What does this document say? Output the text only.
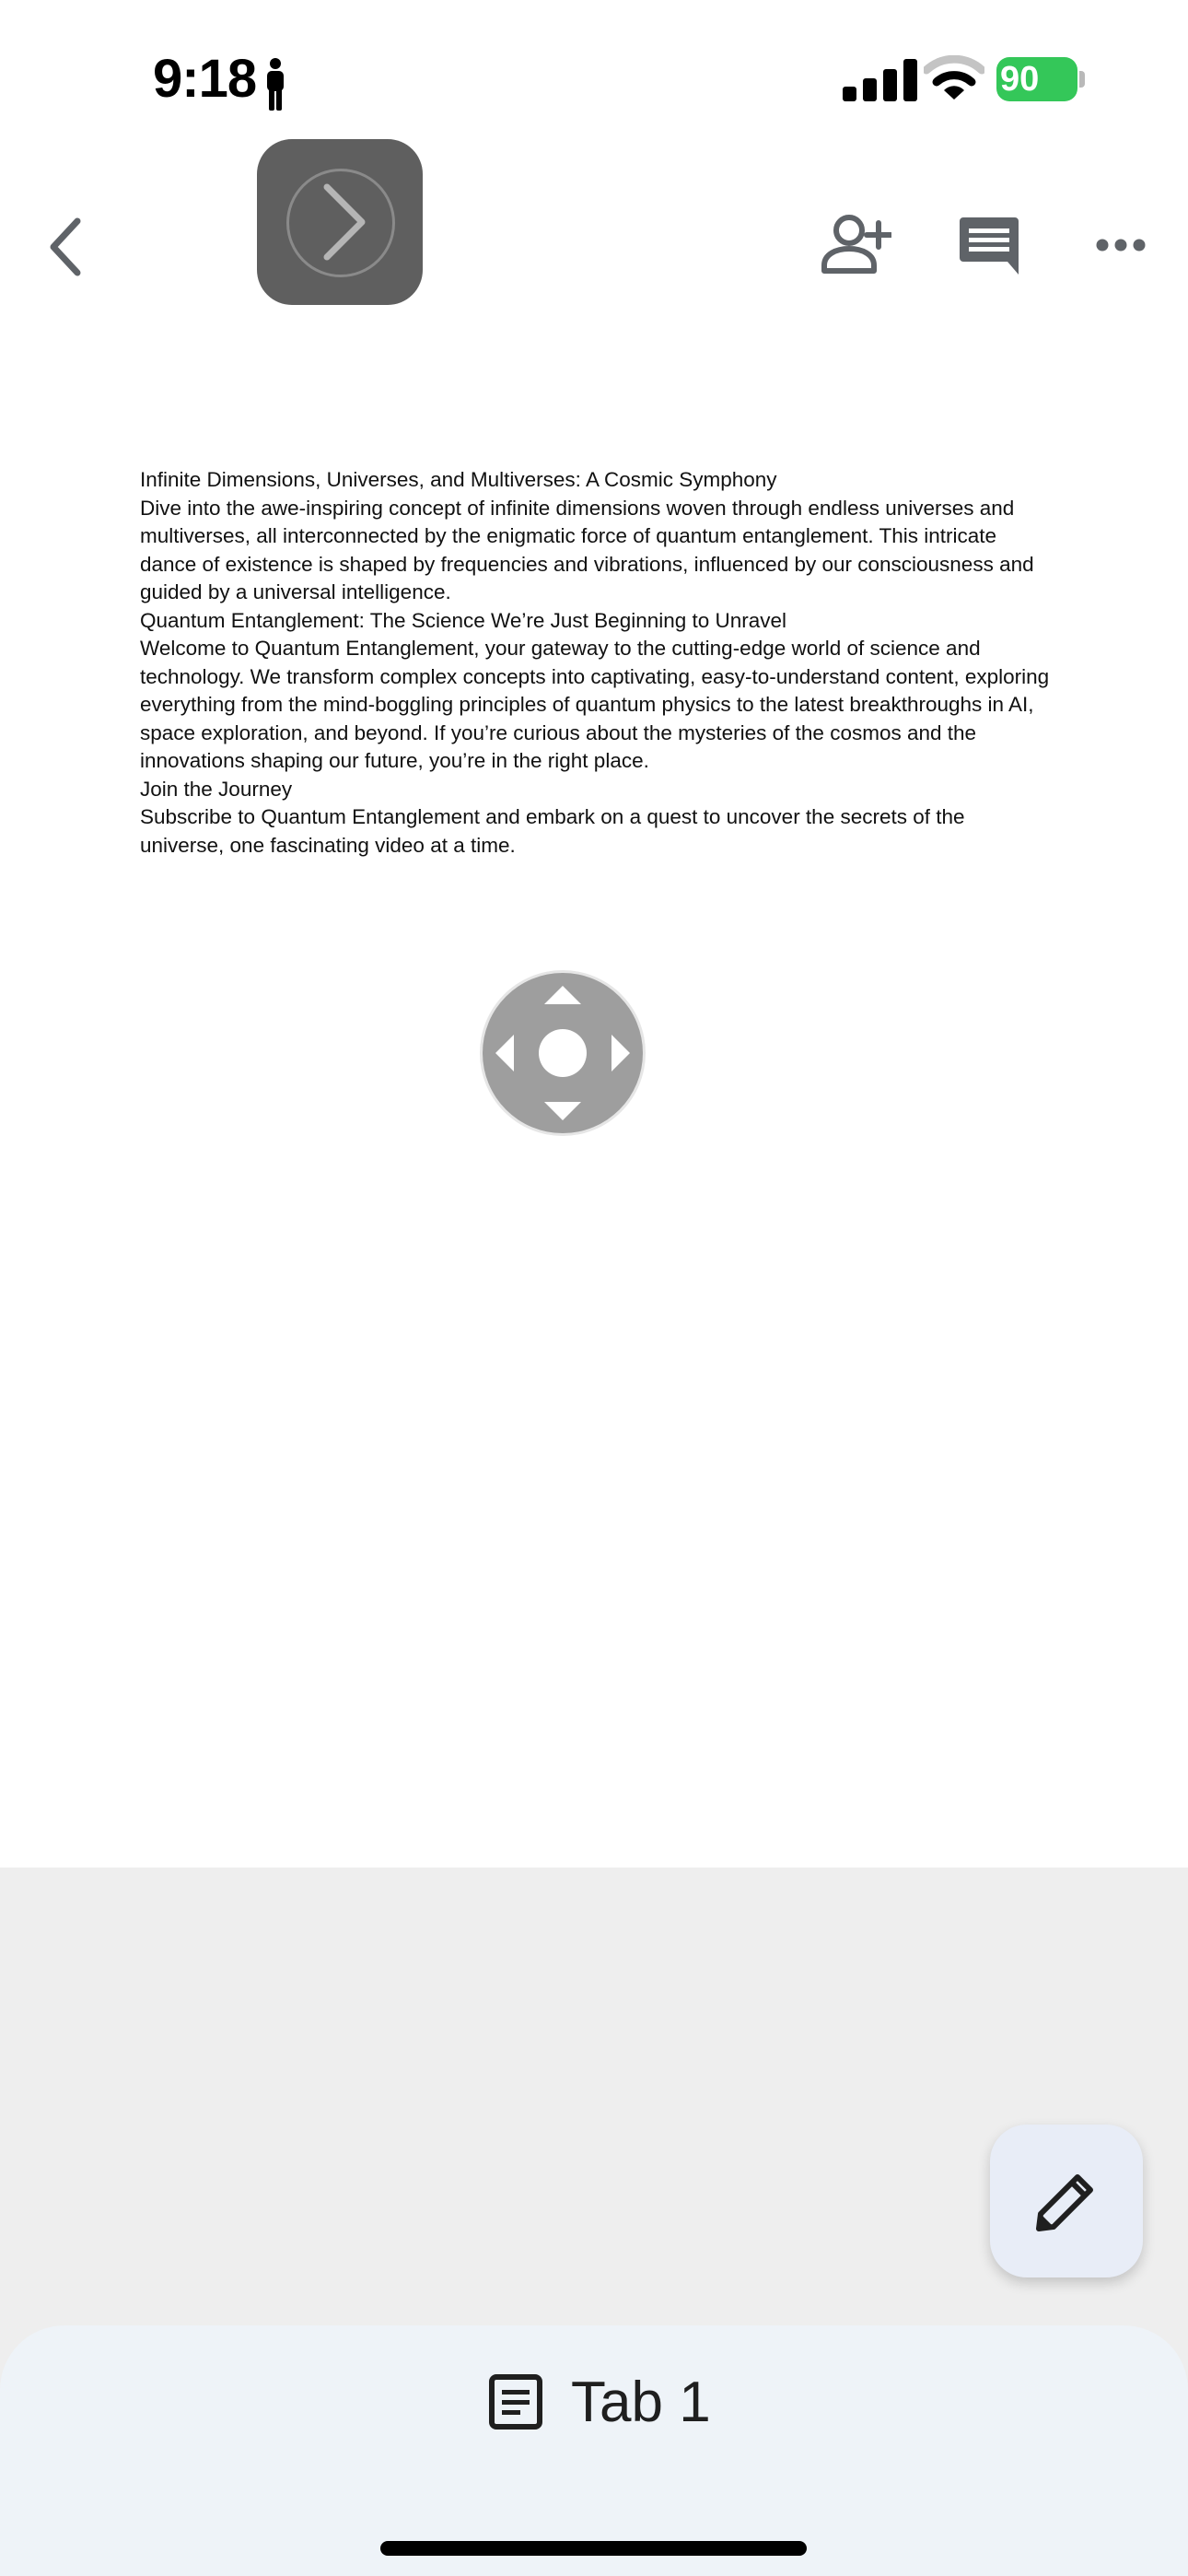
9:18	90

Infinite Dimensions, Universes, and Multiverses: A Cosmic Symphony

Dive into the awe-inspiring concept of infinite dimensions woven through endless universes and multiverses, all interconnected by the enigmatic force of quantum entanglement. This intricate dance of existence is shaped by frequencies and vibrations, influenced by our consciousness and guided by a universal intelligence.

Quantum Entanglement: The Science We’re Just Beginning to Unravel

Welcome to Quantum Entanglement, your gateway to the cutting-edge world of science and technology. We transform complex concepts into captivating, easy-to-understand content, exploring everything from the mind-boggling principles of quantum physics to the latest breakthroughs in AI, space exploration, and beyond. If you’re curious about the mysteries of the cosmos and the innovations shaping our future, you’re in the right place.

Join the Journey

Subscribe to Quantum Entanglement and embark on a quest to uncover the secrets of the universe, one fascinating video at a time.

Tab 1
